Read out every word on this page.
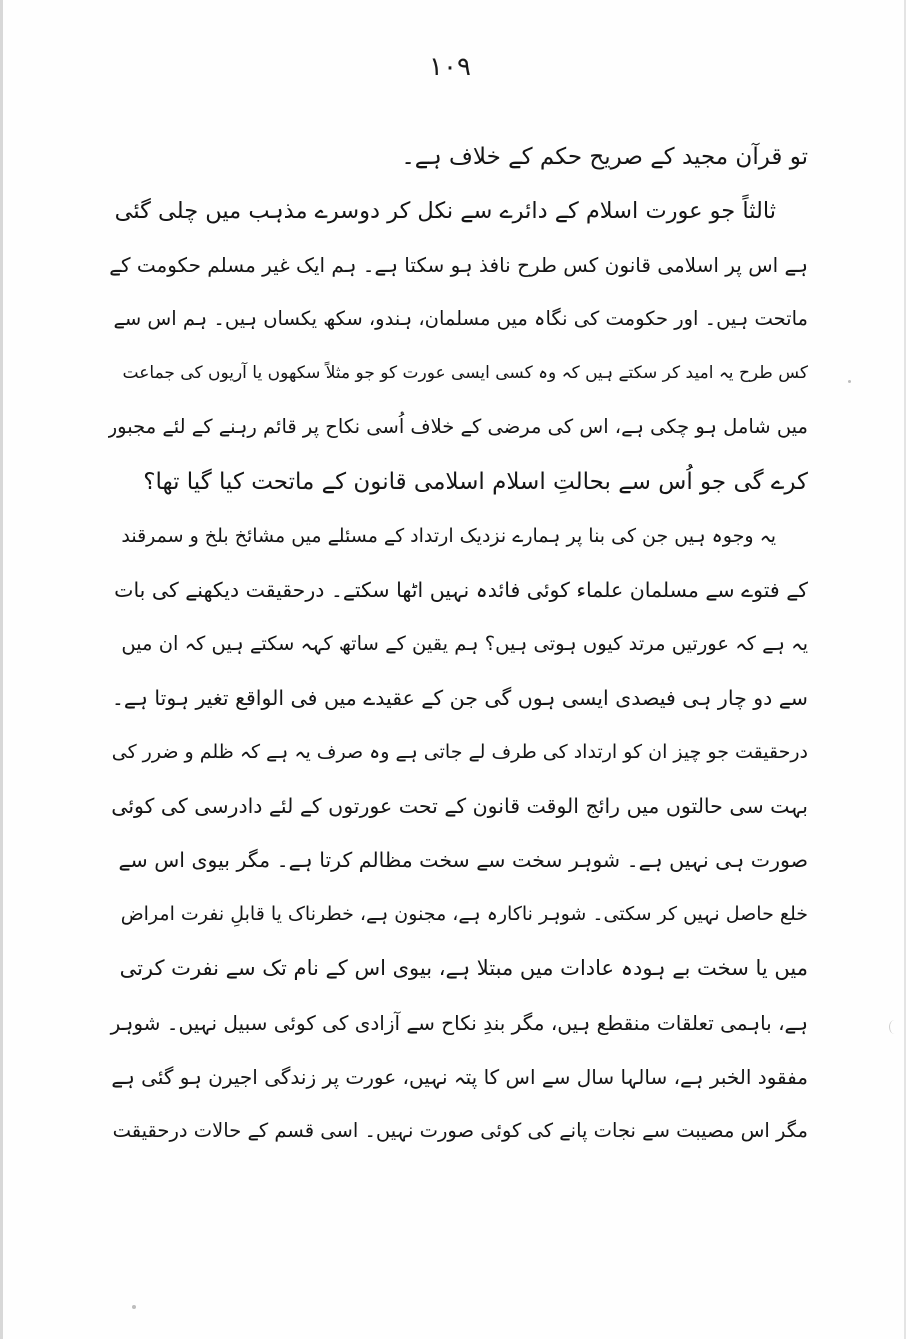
۱۰۹
تو قرآن مجید کے صریح حکم کے خلاف ہے۔
ثالثاً جو عورت اسلام کے دائرے سے نکل کر دوسرے مذہب میں چلی گئی
ہے اس پر اسلامی قانون کس طرح نافذ ہو سکتا ہے۔ ہم ایک غیر مسلم حکومت کے
ماتحت ہیں۔ اور حکومت کی نگاہ میں مسلمان، ہندو، سکھ یکساں ہیں۔ ہم اس سے
کس طرح یہ امید کر سکتے ہیں کہ وہ کسی ایسی عورت کو جو مثلاً سکھوں یا آریوں کی جماعت
میں شامل ہو چکی ہے، اس کی مرضی کے خلاف اُسی نکاح پر قائم رہنے کے لئے مجبور
کرے گی جو اُس سے بحالتِ اسلام اسلامی قانون کے ماتحت کیا گیا تھا؟
یہ وجوہ ہیں جن کی بنا پر ہمارے نزدیک ارتداد کے مسئلے میں مشائخ بلخ و سمرقند
کے فتوے سے مسلمان علماء کوئی فائدہ نہیں اٹھا سکتے۔ درحقیقت دیکھنے کی بات
یہ ہے کہ عورتیں مرتد کیوں ہوتی ہیں؟ ہم یقین کے ساتھ کہہ سکتے ہیں کہ ان میں
سے دو چار ہی فیصدی ایسی ہوں گی جن کے عقیدے میں فی الواقع تغیر ہوتا ہے۔
درحقیقت جو چیز ان کو ارتداد کی طرف لے جاتی ہے وہ صرف یہ ہے کہ ظلم و ضرر کی
بہت سی حالتوں میں رائج الوقت قانون کے تحت عورتوں کے لئے دادرسی کی کوئی
صورت ہی نہیں ہے۔ شوہر سخت سے سخت مظالم کرتا ہے۔ مگر بیوی اس سے
خلع حاصل نہیں کر سکتی۔ شوہر ناکارہ ہے، مجنون ہے، خطرناک یا قابلِ نفرت امراض
میں یا سخت بے ہودہ عادات میں مبتلا ہے، بیوی اس کے نام تک سے نفرت کرتی
ہے، باہمی تعلقات منقطع ہیں، مگر بندِ نکاح سے آزادی کی کوئی سبیل نہیں۔ شوہر
مفقود الخبر ہے، سالہا سال سے اس کا پتہ نہیں، عورت پر زندگی اجیرن ہو گئی ہے
مگر اس مصیبت سے نجات پانے کی کوئی صورت نہیں۔ اسی قسم کے حالات درحقیقت
